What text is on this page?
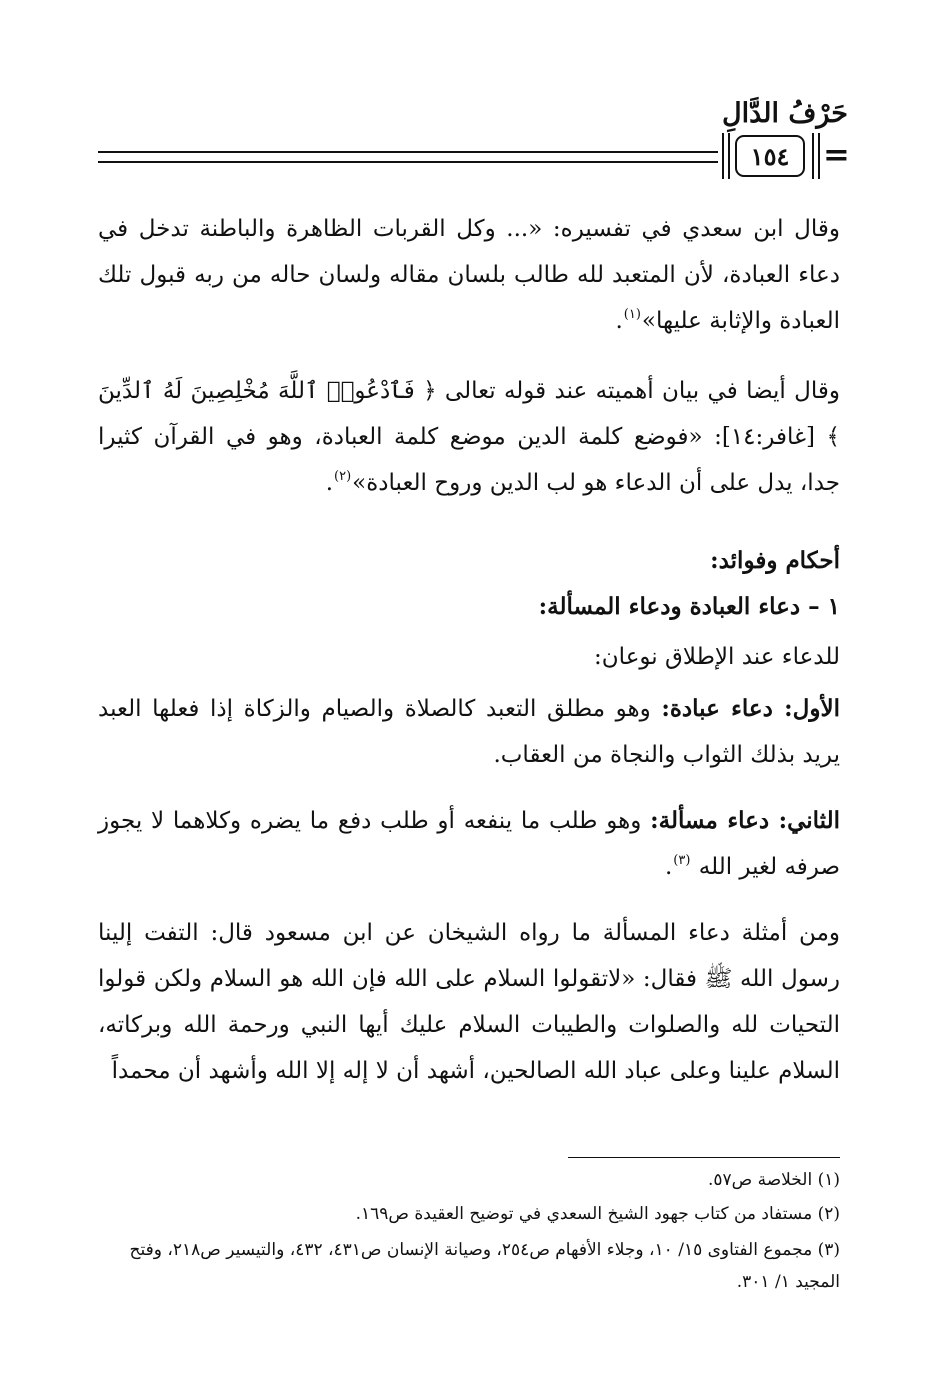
حَرْفُ الدَّالِ
١٥٤	=

وقال ابن سعدي في تفسيره: «... وكل القربات الظاهرة والباطنة تدخل في دعاء العبادة، لأن المتعبد لله طالب بلسان مقاله ولسان حاله من ربه قبول تلك العبادة والإثابة عليها»$^{(١)}$.

وقال أيضا في بيان أهميته عند قوله تعالى ﴿ فَٱدْعُوا۟ ٱللَّهَ مُخْلِصِينَ لَهُ ٱلدِّينَ ﴾ [غافر:١٤]: «فوضع كلمة الدين موضع كلمة العبادة، وهو في القرآن كثيرا جدا، يدل على أن الدعاء هو لب الدين وروح العبادة»$^{(٢)}$.

أحكام وفوائد:

١ – دعاء العبادة ودعاء المسألة:

للدعاء عند الإطلاق نوعان:

الأول: دعاء عبادة: وهو مطلق التعبد كالصلاة والصيام والزكاة إذا فعلها العبد يريد بذلك الثواب والنجاة من العقاب.

الثاني: دعاء مسألة: وهو طلب ما ينفعه أو طلب دفع ما يضره وكلاهما لا يجوز صرفه لغير الله $^{(٣)}$.

ومن أمثلة دعاء المسألة ما رواه الشيخان عن ابن مسعود قال: التفت إلينا رسول الله ﷺ فقال: «لاتقولوا السلام على الله فإن الله هو السلام ولكن قولوا التحيات لله والصلوات والطيبات السلام عليك أيها النبي ورحمة الله وبركاته، السلام علينا وعلى عباد الله الصالحين، أشهد أن لا إله إلا الله وأشهد أن محمداً

(١) الخلاصة ص٥٧.

(٢) مستفاد من كتاب جهود الشيخ السعدي في توضيح العقيدة ص١٦٩.

(٣) مجموع الفتاوى ١٥/ ١٠، وجلاء الأفهام ص٢٥٤، وصيانة الإنسان ص٤٣١، ٤٣٢، والتيسير ص٢١٨، وفتح المجيد ١/ ٣٠١.
